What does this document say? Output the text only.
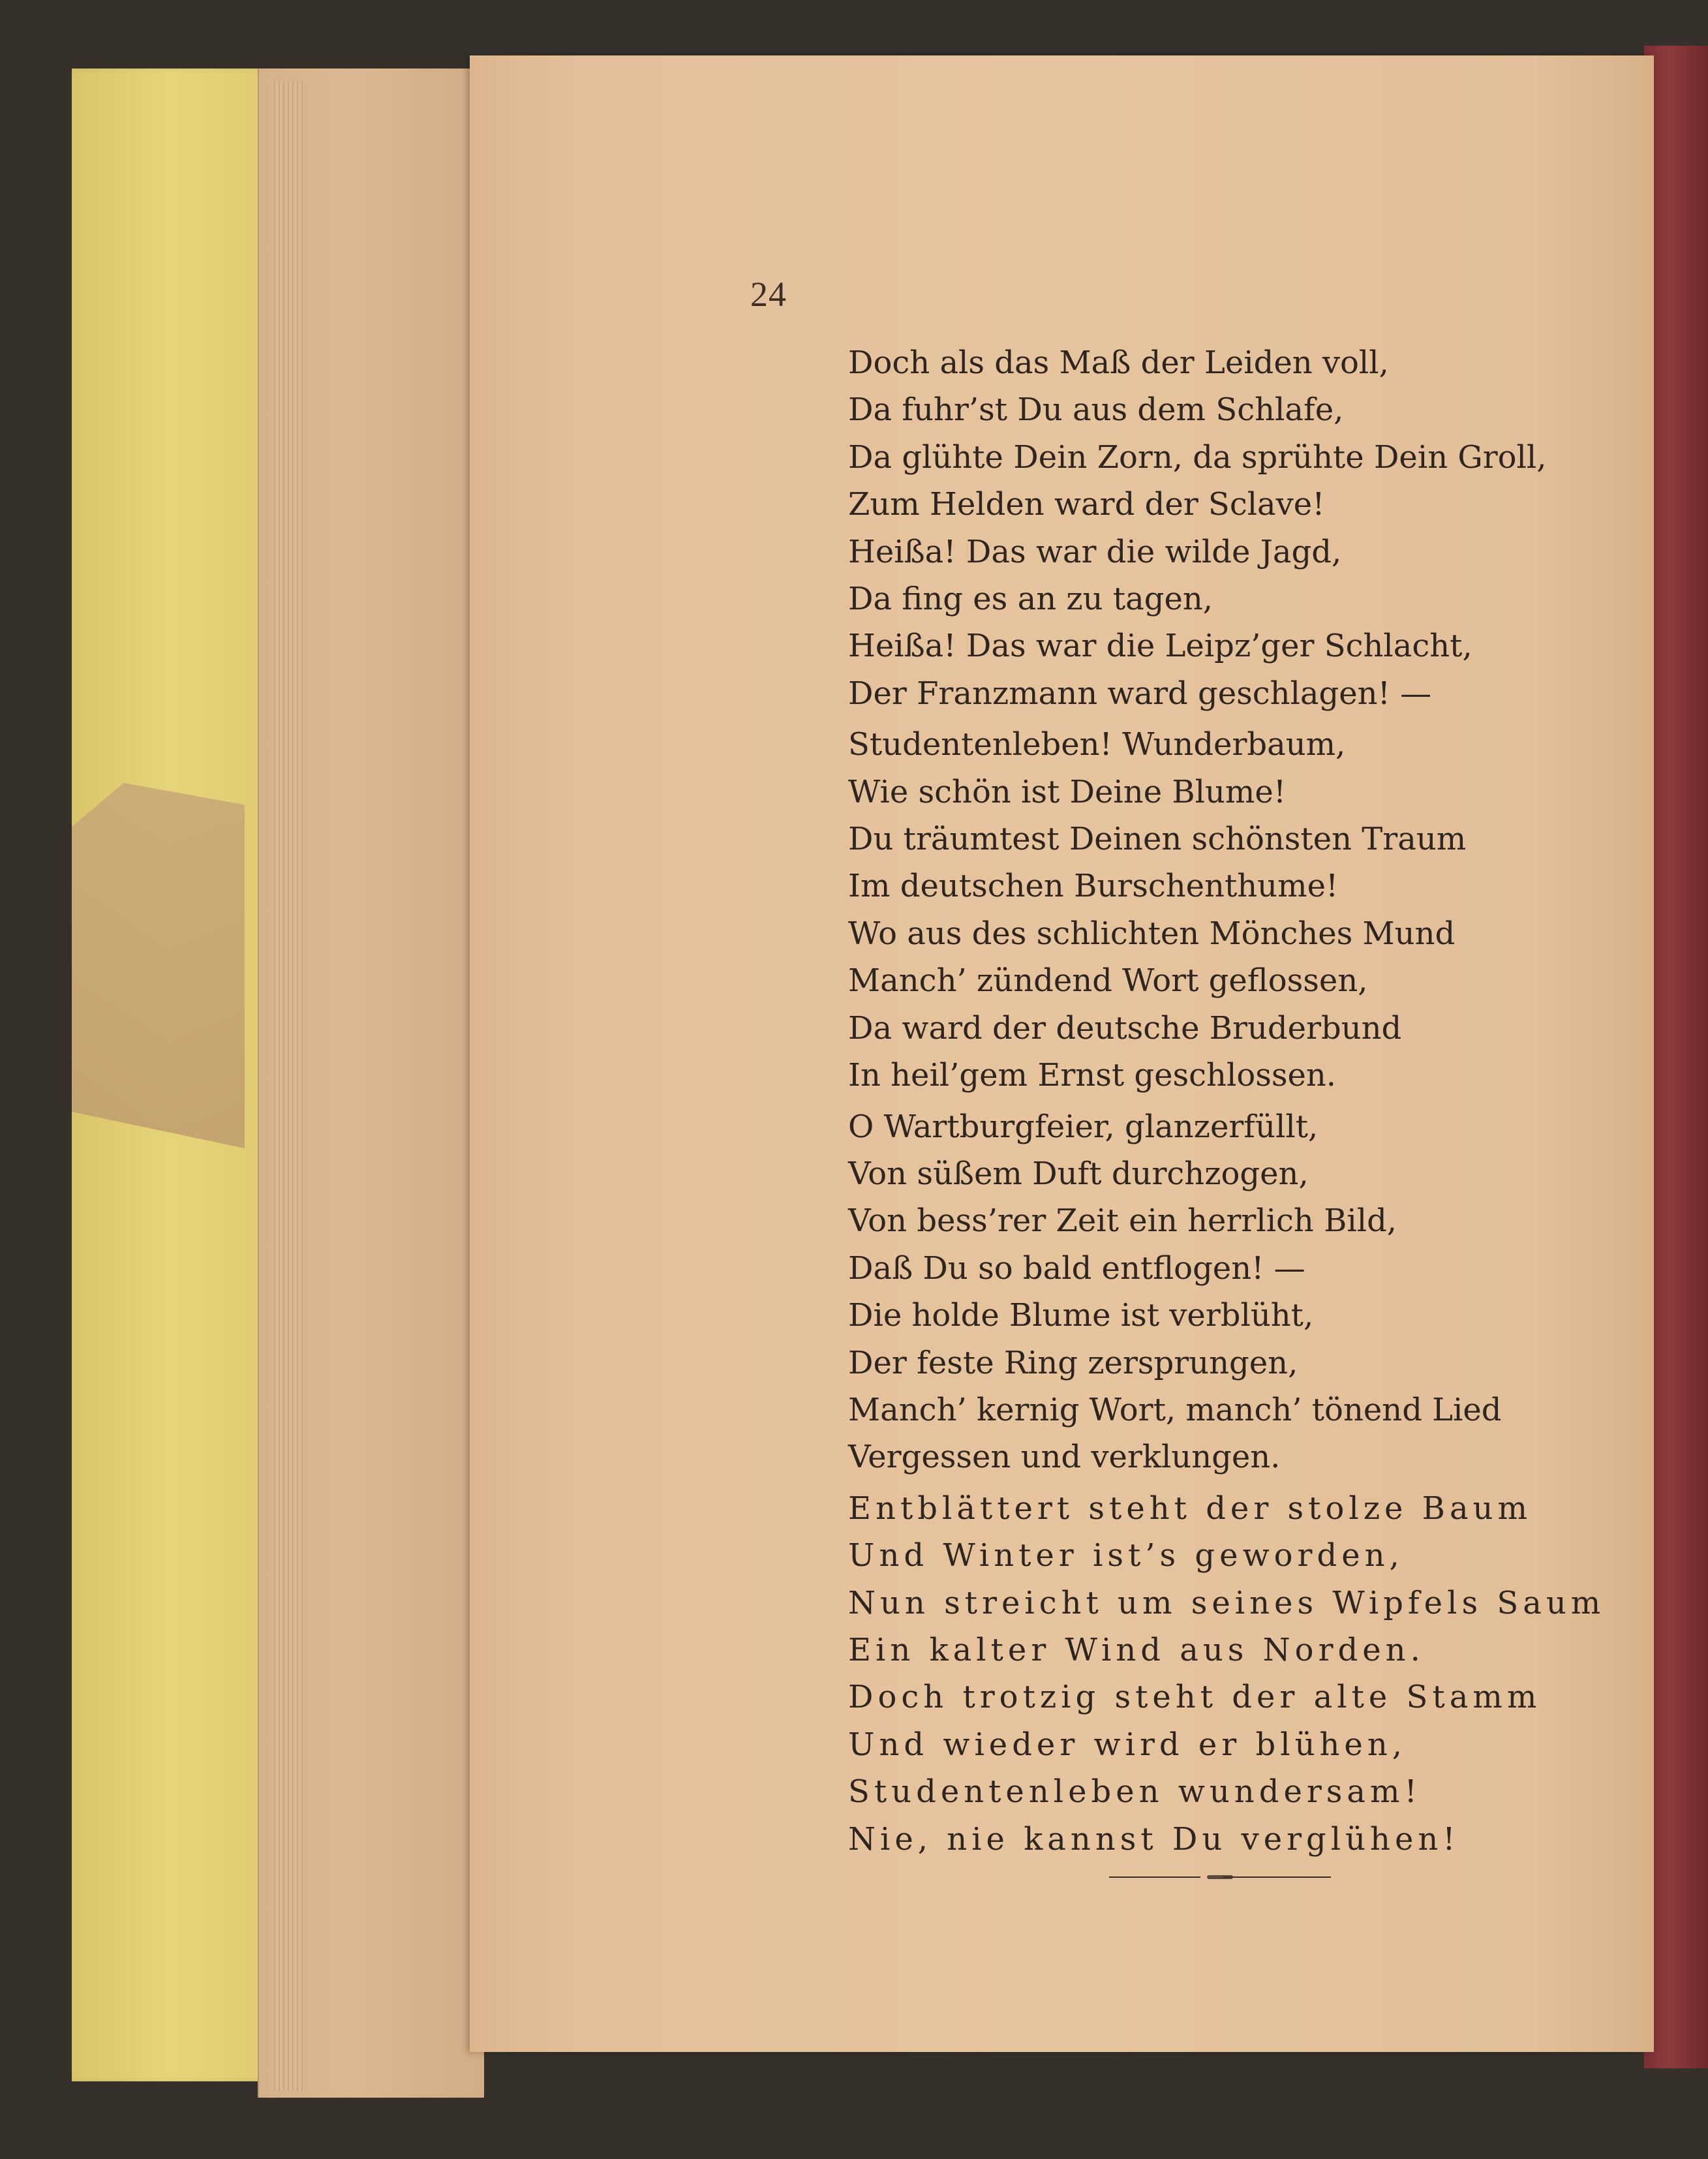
24
Doch als das Maß der Leiden voll,
Da fuhr’st Du aus dem Schlafe,
Da glühte Dein Zorn, da sprühte Dein Groll,
Zum Helden ward der Sclave!
Heißa! Das war die wilde Jagd,
Da fing es an zu tagen,
Heißa! Das war die Leipz’ger Schlacht,
Der Franzmann ward geschlagen! —
Studentenleben! Wunderbaum,
Wie schön ist Deine Blume!
Du träumtest Deinen schönsten Traum
Im deutschen Burschenthume!
Wo aus des schlichten Mönches Mund
Manch’ zündend Wort geflossen,
Da ward der deutsche Bruderbund
In heil’gem Ernst geschlossen.
O Wartburgfeier, glanzerfüllt,
Von süßem Duft durchzogen,
Von bess’rer Zeit ein herrlich Bild,
Daß Du so bald entflogen! —
Die holde Blume ist verblüht,
Der feste Ring zersprungen,
Manch’ kernig Wort, manch’ tönend Lied
Vergessen und verklungen.
Entblättert steht der stolze Baum
Und Winter ist’s geworden,
Nun streicht um seines Wipfels Saum
Ein kalter Wind aus Norden.
Doch trotzig steht der alte Stamm
Und wieder wird er blühen,
Studentenleben wundersam!
Nie, nie kannst Du verglühen!
